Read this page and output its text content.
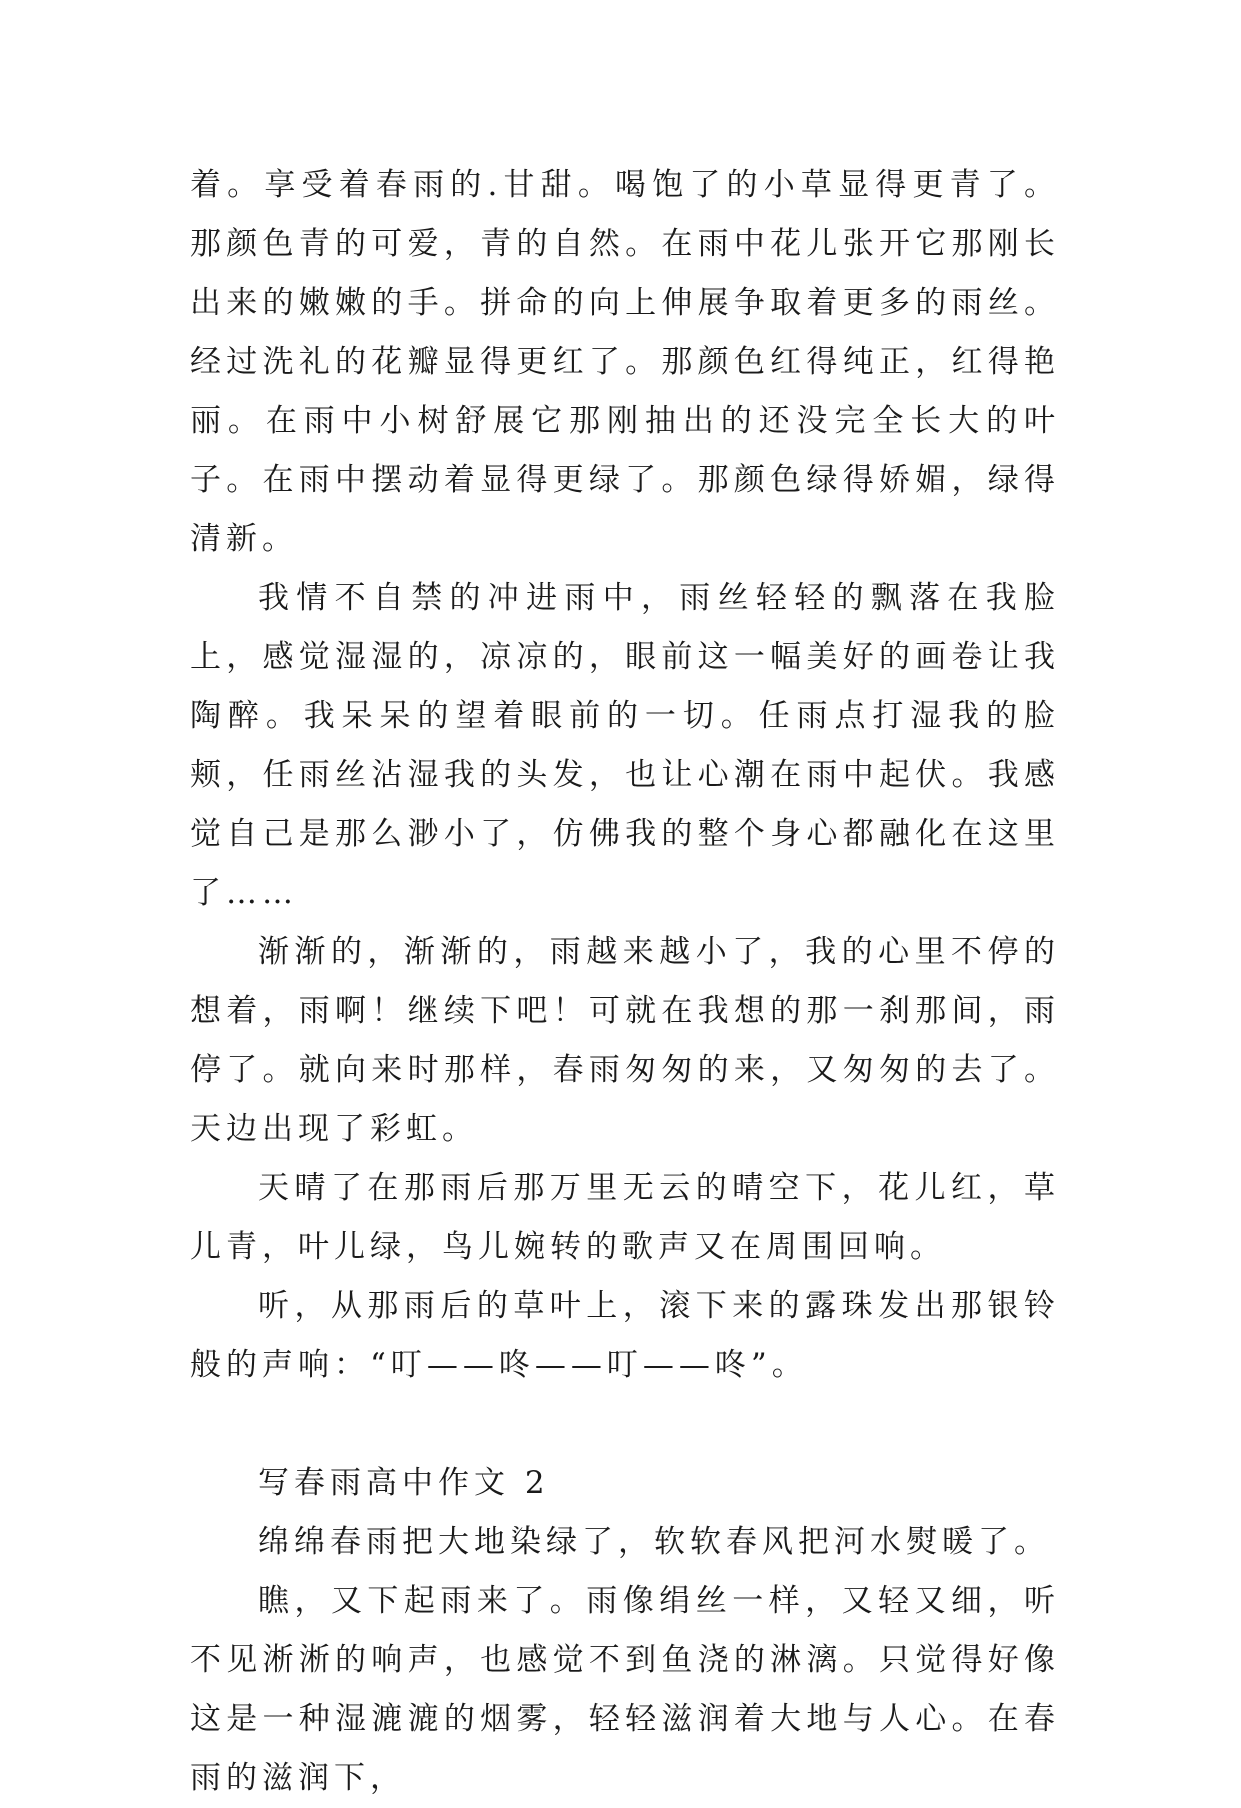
着。享受着春雨的.甘甜。喝饱了的小草显得更青了。那颜色青的可爱，青的自然。在雨中花儿张开它那刚长出来的嫩嫩的手。拼命的向上伸展争取着更多的雨丝。经过洗礼的花瓣显得更红了。那颜色红得纯正，红得艳丽。在雨中小树舒展它那刚抽出的还没完全长大的叶子。在雨中摆动着显得更绿了。那颜色绿得娇媚，绿得清新。

我情不自禁的冲进雨中，雨丝轻轻的飘落在我脸上，感觉湿湿的，凉凉的，眼前这一幅美好的画卷让我陶醉。我呆呆的望着眼前的一切。任雨点打湿我的脸颊，任雨丝沾湿我的头发，也让心潮在雨中起伏。我感觉自己是那么渺小了，仿佛我的整个身心都融化在这里了……

渐渐的，渐渐的，雨越来越小了，我的心里不停的想着，雨啊！继续下吧！可就在我想的那一刹那间，雨停了。就向来时那样，春雨匆匆的来，又匆匆的去了。天边出现了彩虹。

天晴了在那雨后那万里无云的晴空下，花儿红，草儿青，叶儿绿，鸟儿婉转的歌声又在周围回响。

听，从那雨后的草叶上，滚下来的露珠发出那银铃般的声响：“叮——咚——叮——咚”。

写春雨高中作文 2

绵绵春雨把大地染绿了，软软春风把河水熨暖了。

瞧，又下起雨来了。雨像绢丝一样，又轻又细，听不见淅淅的响声，也感觉不到鱼浇的淋漓。只觉得好像这是一种湿漉漉的烟雾，轻轻滋润着大地与人心。在春雨的滋润下，
